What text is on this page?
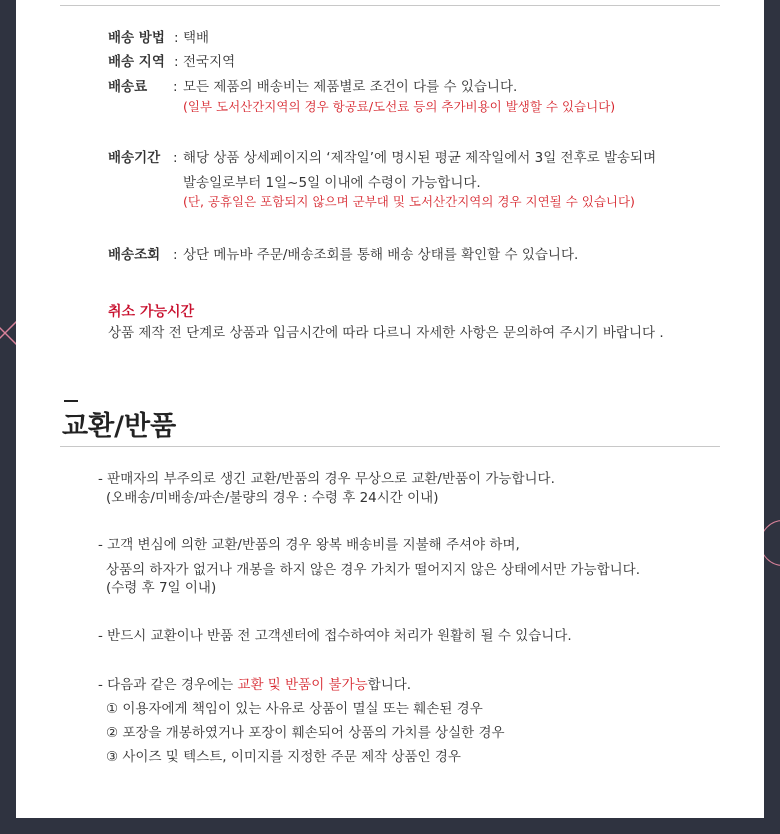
배송 방법 : 택배
배송 지역 : 전국지역
배송료 : 모든 제품의 배송비는 제품별로 조건이 다를 수 있습니다.
(일부 도서산간지역의 경우 항공료/도선료 등의 추가비용이 발생할 수 있습니다)
배송기간 : 해당 상품 상세페이지의 ‘제작일’에 명시된 평균 제작일에서 3일 전후로 발송되며
발송일로부터 1일~5일 이내에 수령이 가능합니다.
(단, 공휴일은 포함되지 않으며 군부대 및 도서산간지역의 경우 지연될 수 있습니다)
배송조회 : 상단 메뉴바 주문/배송조회를 통해 배송 상태를 확인할 수 있습니다.
취소 가능시간
상품 제작 전 단계로 상품과 입금시간에 따라 다르니 자세한 사항은 문의하여 주시기 바랍니다 .
교환/반품
- 판매자의 부주의로 생긴 교환/반품의 경우 무상으로 교환/반품이 가능합니다.
(오배송/미배송/파손/불량의 경우 : 수령 후 24시간 이내)
- 고객 변심에 의한 교환/반품의 경우 왕복 배송비를 지불해 주셔야 하며,
상품의 하자가 없거나 개봉을 하지 않은 경우 가치가 떨어지지 않은 상태에서만 가능합니다.
(수령 후 7일 이내)
- 반드시 교환이나 반품 전 고객센터에 접수하여야 처리가 원활히 될 수 있습니다.
- 다음과 같은 경우에는 교환 및 반품이 불가능합니다.
① 이용자에게 책임이 있는 사유로 상품이 멸실 또는 훼손된 경우
② 포장을 개봉하였거나 포장이 훼손되어 상품의 가치를 상실한 경우
③ 사이즈 및 텍스트, 이미지를 지정한 주문 제작 상품인 경우
